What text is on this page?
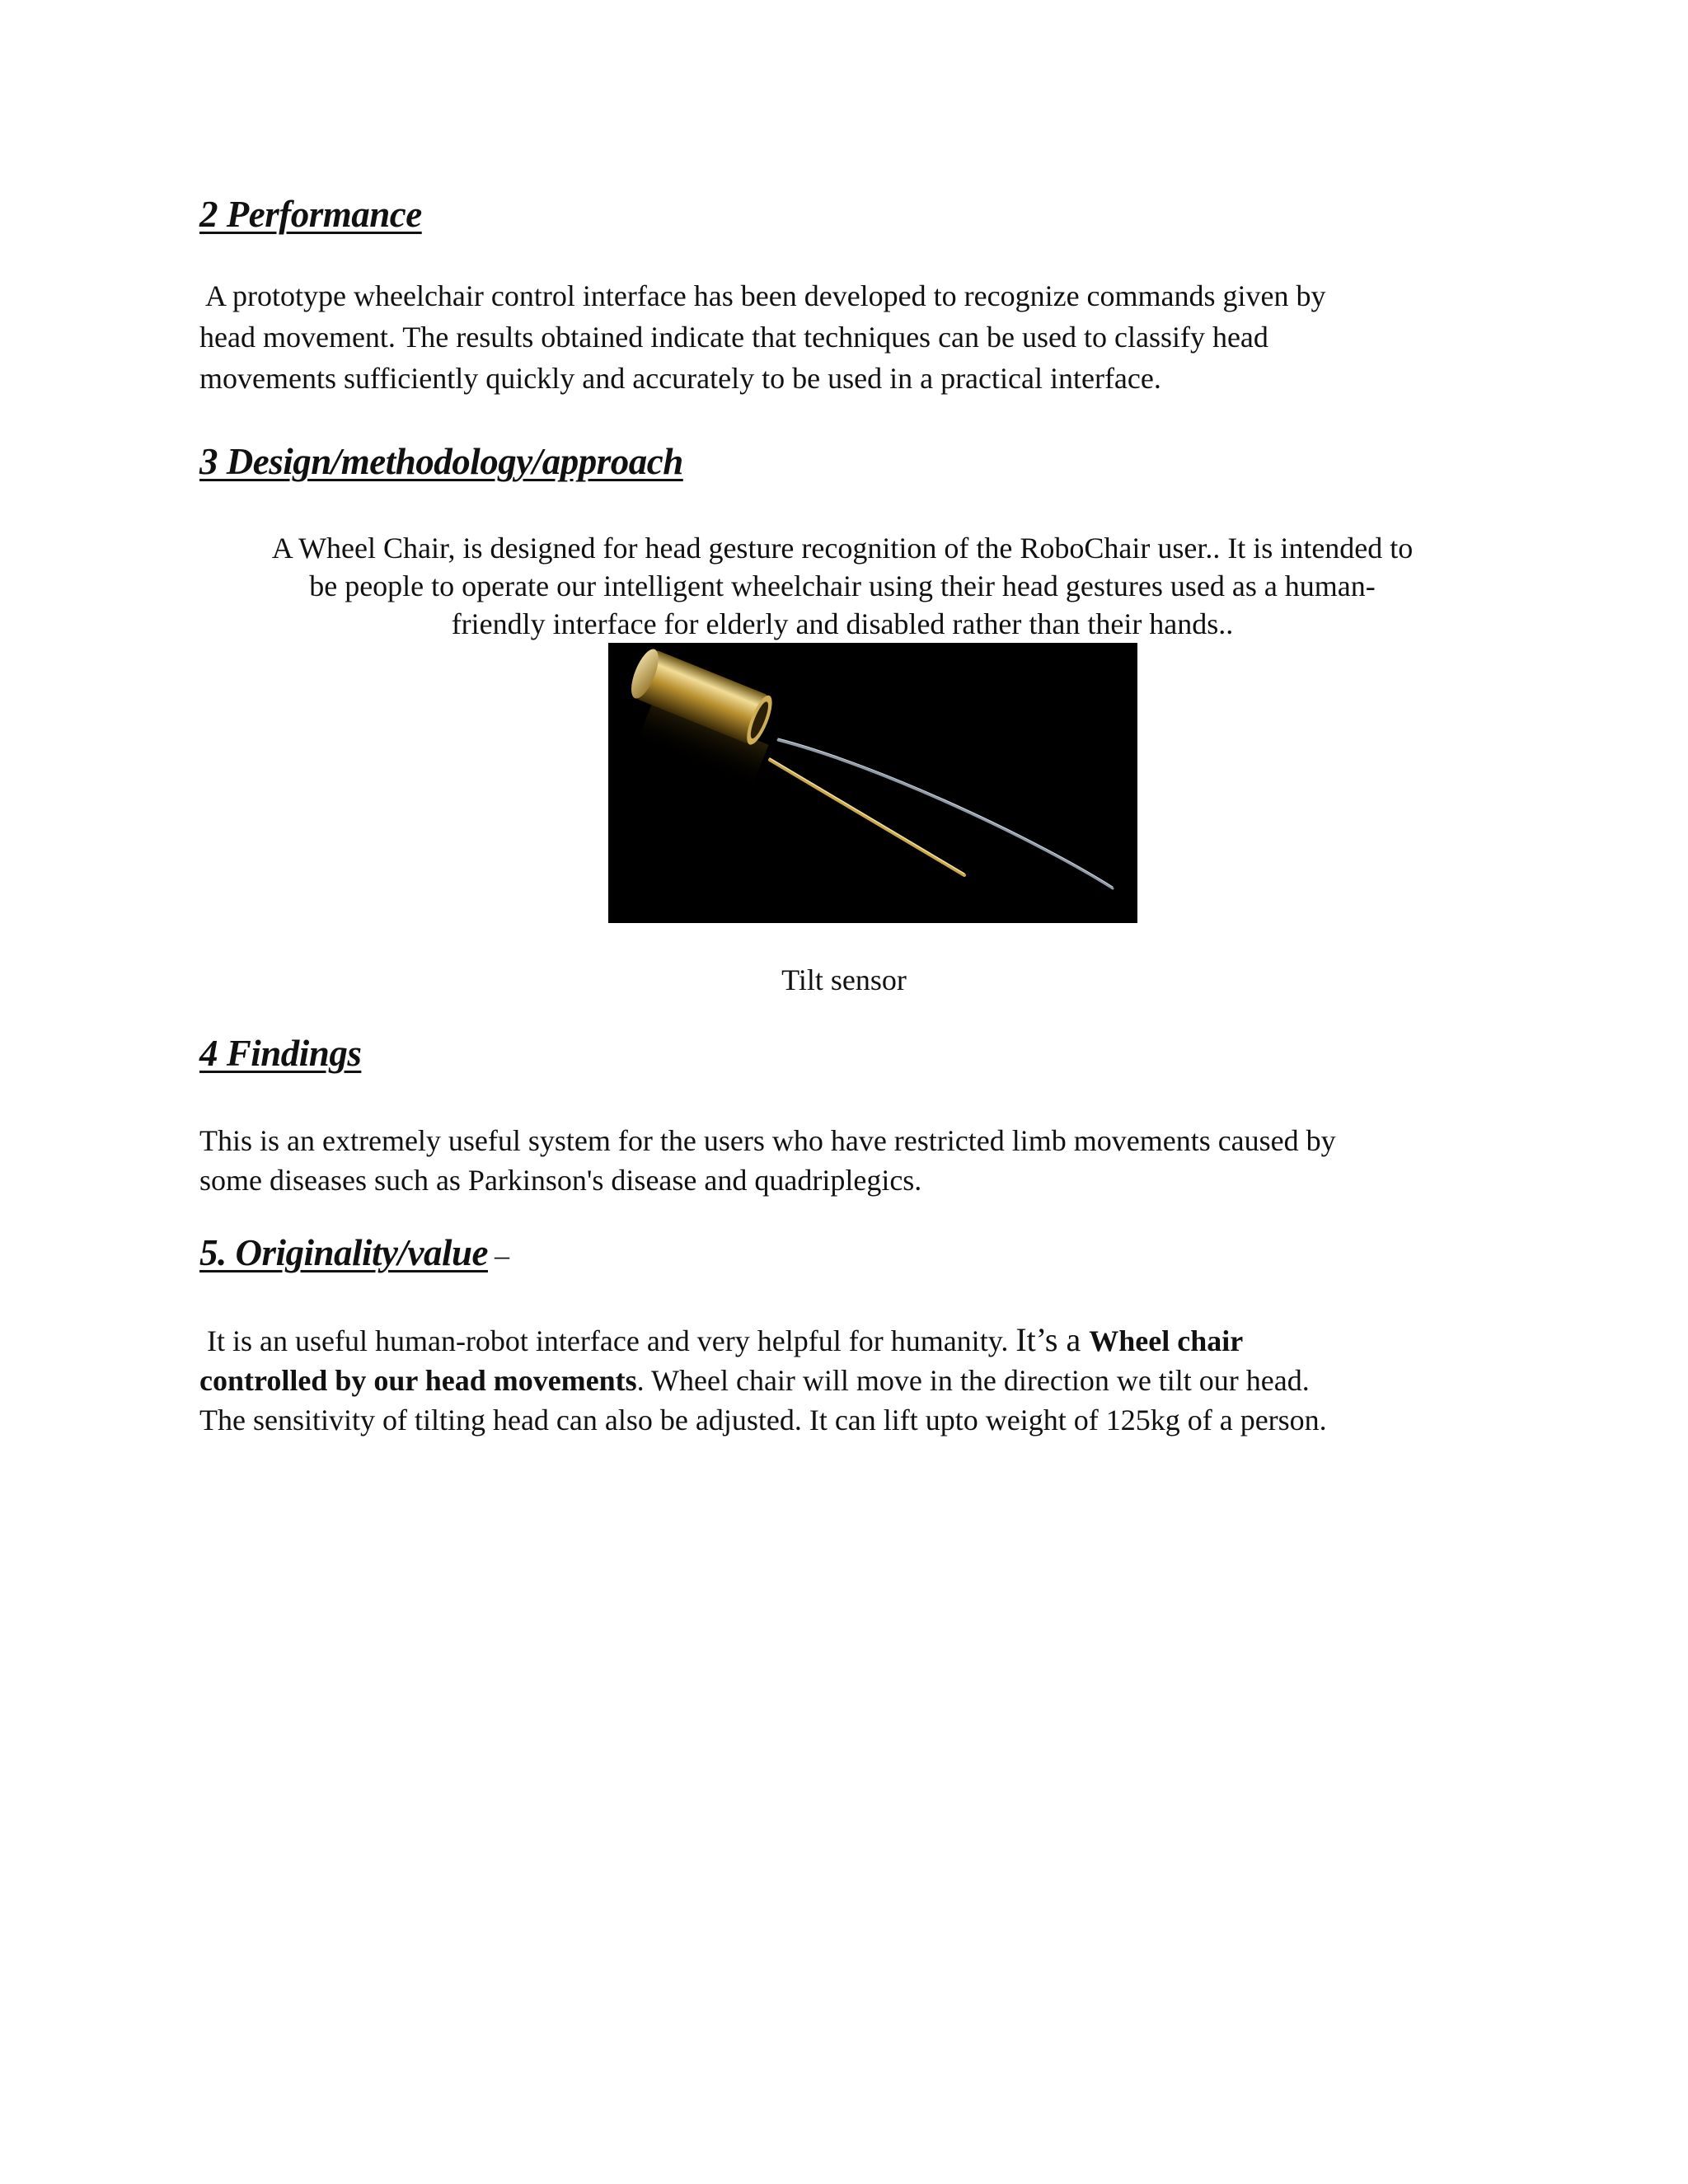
2 Performance

A prototype wheelchair control interface has been developed to recognize commands given by
head movement. The results obtained indicate that techniques can be used to classify head
movements sufficiently quickly and accurately to be used in a practical interface.

3 Design/methodology/approach

A Wheel Chair, is designed for head gesture recognition of the RoboChair user.. It is intended to
be people to operate our intelligent wheelchair using their head gestures used as a human-
friendly interface for elderly and disabled rather than their hands..

Tilt sensor

4 Findings

This is an extremely useful system for the users who have restricted limb movements caused by
some diseases such as Parkinson's disease and quadriplegics.

5. Originality/value –

It is an useful human-robot interface and very helpful for humanity. It’s a Wheel chair
controlled by our head movements. Wheel chair will move in the direction we tilt our head.
The sensitivity of tilting head can also be adjusted. It can lift upto weight of 125kg of a person.
